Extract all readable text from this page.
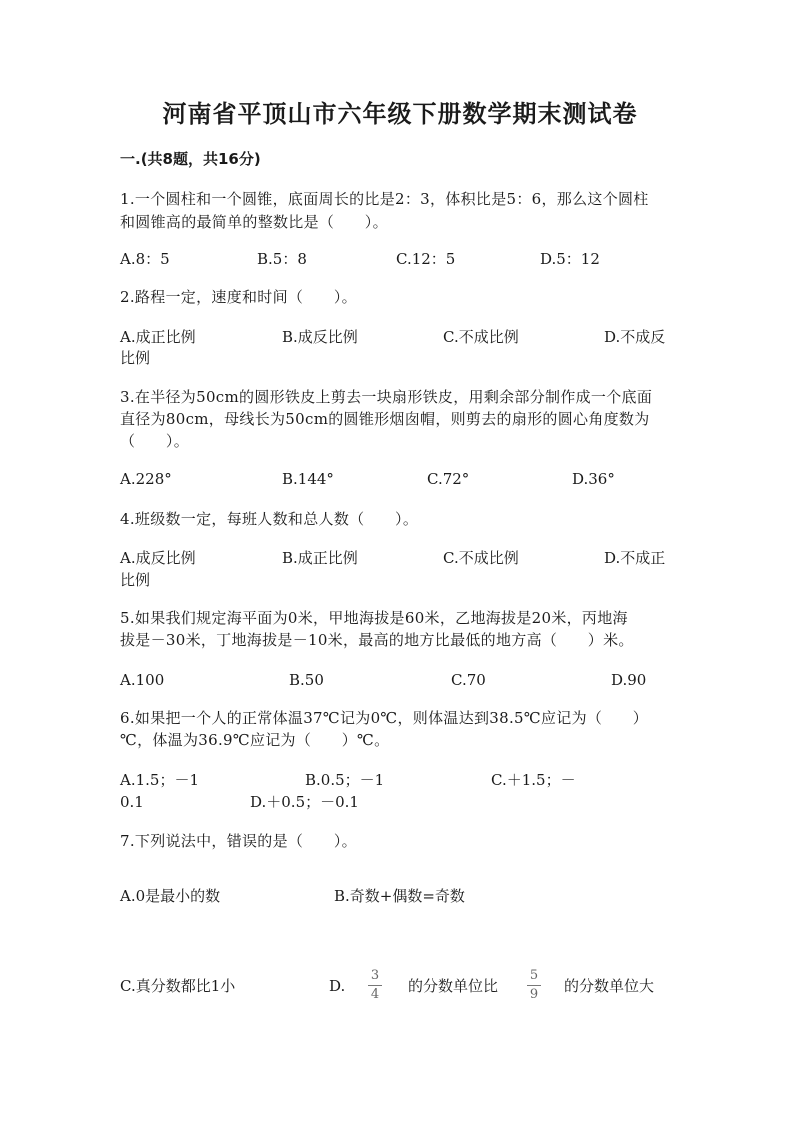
河南省平顶山市六年级下册数学期末测试卷
一.(共8题，共16分)
1.一个圆柱和一个圆锥，底面周长的比是2：3，体积比是5：6，那么这个圆柱
和圆锥高的最简单的整数比是（　　）。
A.8：5	B.5：8	C.12：5	D.5：12
2.路程一定，速度和时间（　　）。
A.成正比例	B.成反比例	C.不成比例	D.不成反
比例
3.在半径为50cm的圆形铁皮上剪去一块扇形铁皮，用剩余部分制作成一个底面
直径为80cm，母线长为50cm的圆锥形烟囱帽，则剪去的扇形的圆心角度数为
（　　）。
A.228°	B.144°	C.72°	D.36°
4.班级数一定，每班人数和总人数（　　）。
A.成反比例	B.成正比例	C.不成比例	D.不成正
比例
5.如果我们规定海平面为0米，甲地海拔是60米，乙地海拔是20米，丙地海
拔是－30米，丁地海拔是－10米，最高的地方比最低的地方高（　　）米。
A.100	B.50	C.70	D.90
6.如果把一个人的正常体温37℃记为0℃，则体温达到38.5℃应记为（　　）
℃，体温为36.9℃应记为（　　）℃。
A.1.5；－1	B.0.5；－1	C.＋1.5；－
0.1	D.＋0.5；－0.1
7.下列说法中，错误的是（　　）。
A.0是最小的数	B.奇数+偶数=奇数
C.真分数都比1小	D.
3
4 的分数单位比
5
9 的分数单位大
